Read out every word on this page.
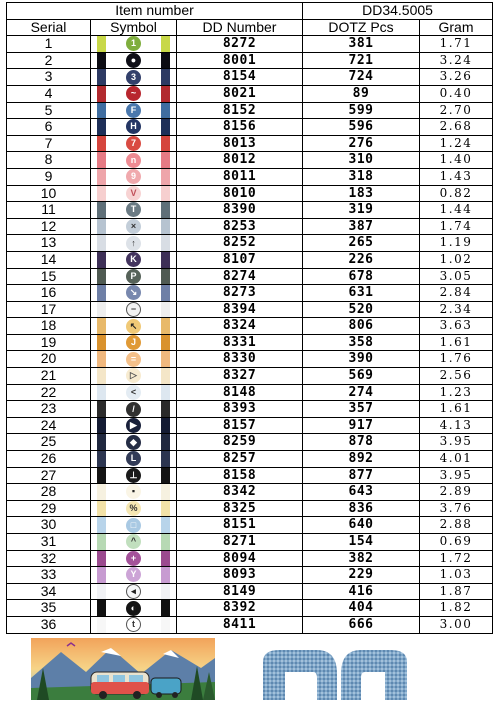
Item number			DD34.5005	
Serial	Symbol	DD Number	DOTZ Pcs	Gram
1	1	8272	381	1.71
2	●	8001	721	3.24
3	3	8154	724	3.26
4	~	8021	89	0.40
5	F	8152	599	2.70
6	H	8156	596	2.68
7	7	8013	276	1.24
8	n	8012	310	1.40
9	9	8011	318	1.43
10	V	8010	183	0.82
11	T	8390	319	1.44
12	×	8253	387	1.74
13	↑	8252	265	1.19
14	K	8107	226	1.02
15	P	8274	678	3.05
16	↘	8273	631	2.84
17	−	8394	520	2.34
18	↖	8324	806	3.63
19	J	8331	358	1.61
20	=	8330	390	1.76
21	▷	8327	569	2.56
22	<	8148	274	1.23
23	/	8393	357	1.61
24	▶	8157	917	4.13
25	◆	8259	878	3.95
26	L	8257	892	4.01
27	⊥	8158	877	3.95
28	▪	8342	643	2.89
29	%	8325	836	3.76
30	□	8151	640	2.88
31	^	8271	154	0.69
32	+	8094	382	1.72
33	Y	8093	229	1.03
34	◂	8149	416	1.87
35	◐	8392	404	1.82
36	t	8411	666	3.00
